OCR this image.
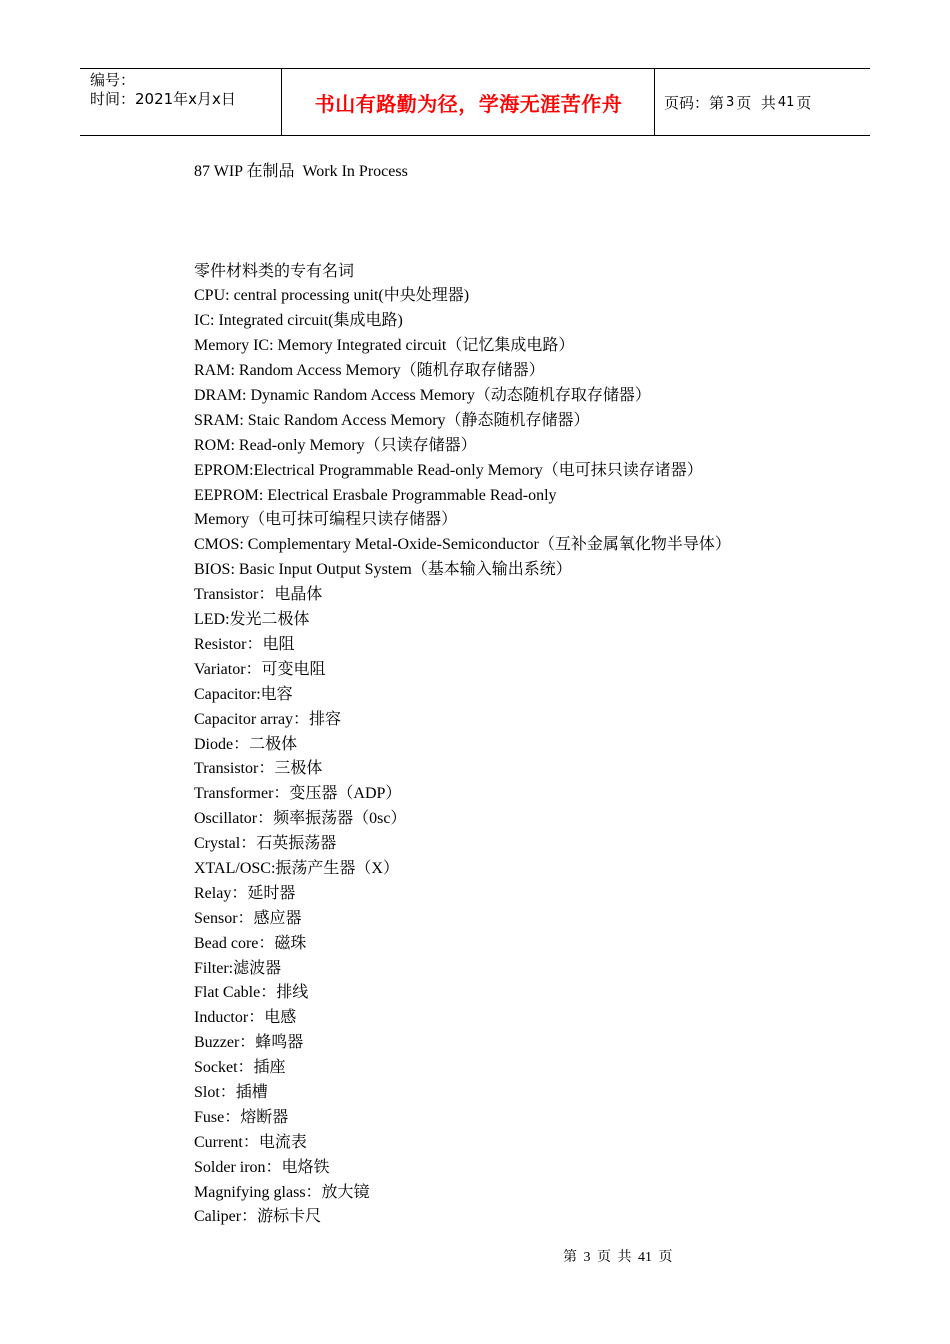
编号：
时间：2021年x月x日	书山有路勤为径，学海无涯苦作舟	页码：第 3 页  共 41 页
87 WIP 在制品  Work In Process
零件材料类的专有名词
CPU: central processing unit(中央处理器)
IC: Integrated circuit(集成电路)
Memory IC: Memory Integrated circuit（记忆集成电路）
RAM: Random Access Memory（随机存取存储器）
DRAM: Dynamic Random Access Memory（动态随机存取存储器）
SRAM: Staic Random Access Memory（静态随机存储器）
ROM: Read-only Memory（只读存储器）
EPROM:Electrical Programmable Read-only Memory（电可抹只读存诸器）
EEPROM: Electrical Erasbale Programmable Read-only
Memory（电可抹可编程只读存储器）
CMOS: Complementary Metal-Oxide-Semiconductor（互补金属氧化物半导体）
BIOS: Basic Input Output System（基本输入输出系统）
Transistor：电晶体
LED:发光二极体
Resistor：电阻
Variator：可变电阻
Capacitor:电容
Capacitor array：排容
Diode：二极体
Transistor：三极体
Transformer：变压器（ADP）
Oscillator：频率振荡器（0sc）
Crystal：石英振荡器
XTAL/OSC:振荡产生器（X）
Relay：延时器
Sensor：感应器
Bead core：磁珠
Filter:滤波器
Flat Cable：排线
Inductor：电感
Buzzer：蜂鸣器
Socket：插座
Slot：插槽
Fuse：熔断器
Current：电流表
Solder iron：电烙铁
Magnifying glass：放大镜
Caliper：游标卡尺
第 3 页 共 41 页
